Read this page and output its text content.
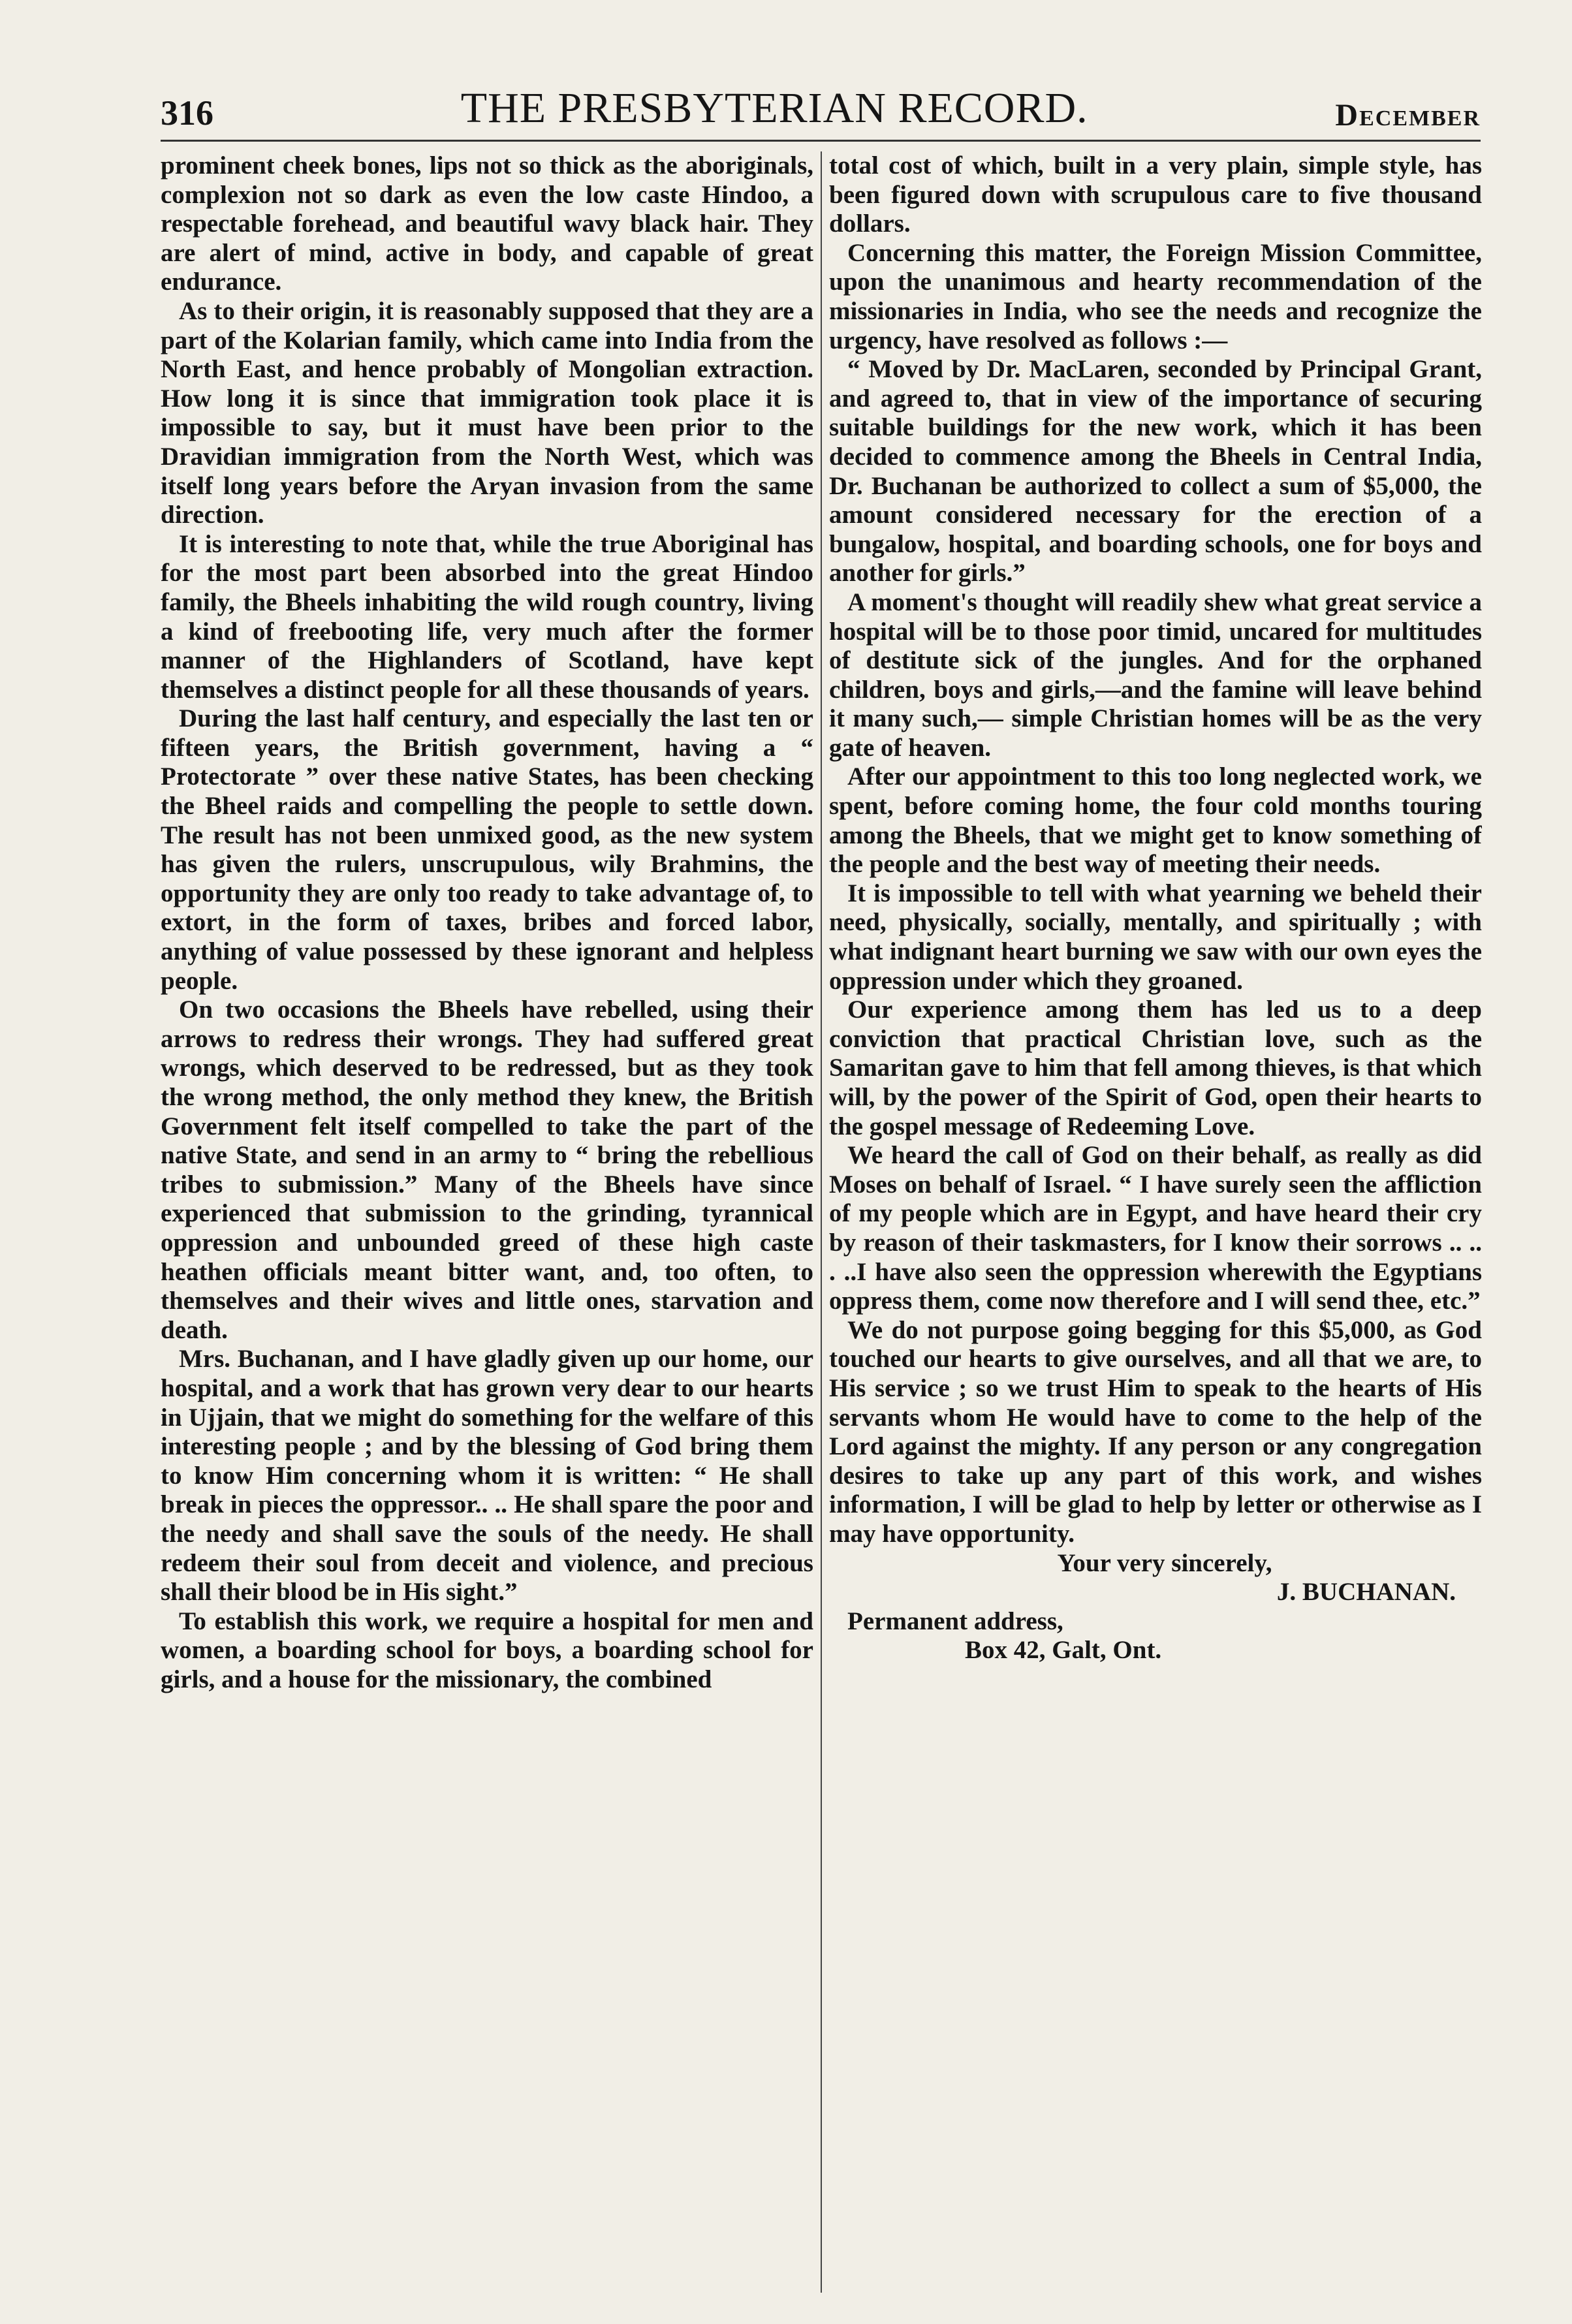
316	THE PRESBYTERIAN RECORD.	December

prominent cheek bones, lips not so thick as the aboriginals, complexion not so dark as even the low caste Hindoo, a respectable forehead, and beautiful wavy black hair. They are alert of mind, active in body, and capable of great endurance.

As to their origin, it is reasonably supposed that they are a part of the Kolarian family, which came into India from the North East, and hence probably of Mongolian extraction. How long it is since that immigration took place it is impossible to say, but it must have been prior to the Dravidian immigration from the North West, which was itself long years before the Aryan invasion from the same direction.

It is interesting to note that, while the true Aboriginal has for the most part been absorbed into the great Hindoo family, the Bheels inhabiting the wild rough country, living a kind of freebooting life, very much after the former manner of the Highlanders of Scotland, have kept themselves a distinct people for all these thousands of years.

During the last half century, and especially the last ten or fifteen years, the British government, having a “ Protectorate ” over these native States, has been checking the Bheel raids and compelling the people to settle down. The result has not been unmixed good, as the new system has given the rulers, unscrupulous, wily Brahmins, the opportunity they are only too ready to take advantage of, to extort, in the form of taxes, bribes and forced labor, anything of value possessed by these ignorant and helpless people.

On two occasions the Bheels have rebelled, using their arrows to redress their wrongs. They had suffered great wrongs, which deserved to be redressed, but as they took the wrong method, the only method they knew, the British Government felt itself compelled to take the part of the native State, and send in an army to “ bring the rebellious tribes to submission.” Many of the Bheels have since experienced that submission to the grinding, tyrannical oppression and unbounded greed of these high caste heathen officials meant bitter want, and, too often, to themselves and their wives and little ones, starvation and death.

Mrs. Buchanan, and I have gladly given up our home, our hospital, and a work that has grown very dear to our hearts in Ujjain, that we might do something for the welfare of this interesting people ; and by the blessing of God bring them to know Him concerning whom it is written: “ He shall break in pieces the oppressor.. .. He shall spare the poor and the needy and shall save the souls of the needy. He shall redeem their soul from deceit and violence, and precious shall their blood be in His sight.”

To establish this work, we require a hospital for men and women, a boarding school for boys, a boarding school for girls, and a house for the missionary, the combined

total cost of which, built in a very plain, simple style, has been figured down with scrupulous care to five thousand dollars.

Concerning this matter, the Foreign Mission Committee, upon the unanimous and hearty recommendation of the missionaries in India, who see the needs and recognize the urgency, have resolved as follows :—

“ Moved by Dr. MacLaren, seconded by Principal Grant, and agreed to, that in view of the importance of securing suitable buildings for the new work, which it has been decided to commence among the Bheels in Central India, Dr. Buchanan be authorized to collect a sum of $5,000, the amount considered necessary for the erection of a bungalow, hospital, and boarding schools, one for boys and another for girls.”

A moment's thought will readily shew what great service a hospital will be to those poor timid, uncared for multitudes of destitute sick of the jungles. And for the orphaned children, boys and girls,—and the famine will leave behind it many such,— simple Christian homes will be as the very gate of heaven.

After our appointment to this too long neglected work, we spent, before coming home, the four cold months touring among the Bheels, that we might get to know something of the people and the best way of meeting their needs.

It is impossible to tell with what yearning we beheld their need, physically, socially, mentally, and spiritually ; with what indignant heart burning we saw with our own eyes the oppression under which they groaned.

Our experience among them has led us to a deep conviction that practical Christian love, such as the Samaritan gave to him that fell among thieves, is that which will, by the power of the Spirit of God, open their hearts to the gospel message of Redeeming Love.

We heard the call of God on their behalf, as really as did Moses on behalf of Israel. “ I have surely seen the affliction of my people which are in Egypt, and have heard their cry by reason of their taskmasters, for I know their sorrows .. .. . ..I have also seen the oppression wherewith the Egyptians oppress them, come now therefore and I will send thee, etc.”

We do not purpose going begging for this $5,000, as God touched our hearts to give ourselves, and all that we are, to His service ; so we trust Him to speak to the hearts of His servants whom He would have to come to the help of the Lord against the mighty. If any person or any congregation desires to take up any part of this work, and wishes information, I will be glad to help by letter or otherwise as I may have opportunity.

Your very sincerely,

J. BUCHANAN.

Permanent address,

Box 42, Galt, Ont.
